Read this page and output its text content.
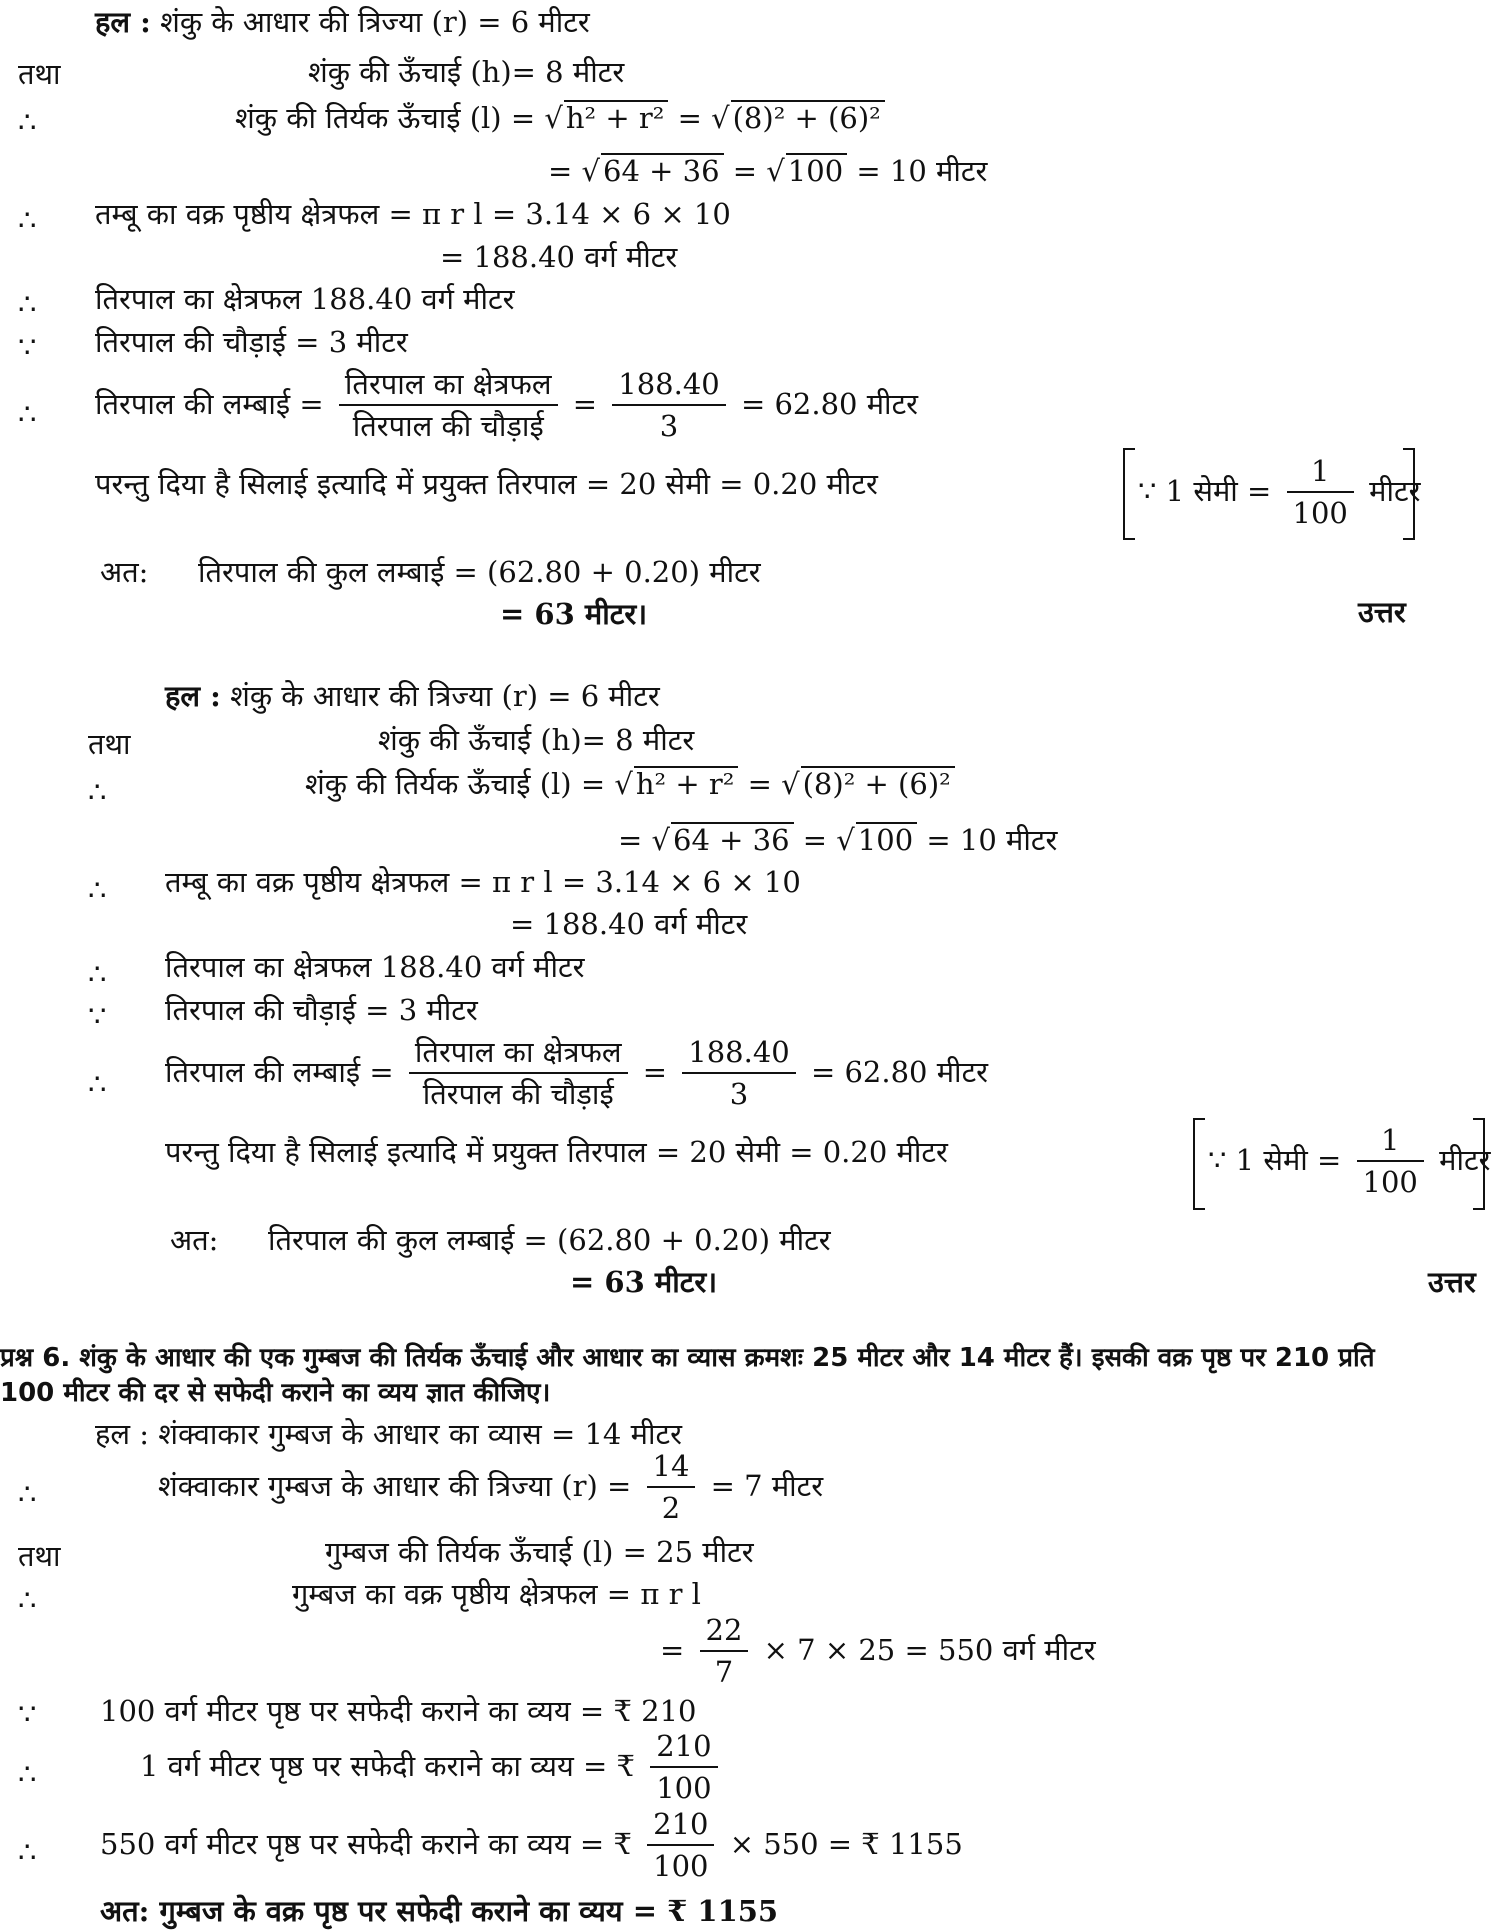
हल : शंकु के आधार की त्रिज्या (r) = 6 मीटर
तथा	शंकु की ऊँचाई (h)= 8 मीटर
∴	शंकु की तिर्यक ऊँचाई (l) = √ h² + r² = √ (8)² + (6)²
= √ 64 + 36 = √ 100 = 10 मीटर
∴ तम्बू का वक्र पृष्ठीय क्षेत्रफल = π r l = 3.14 × 6 × 10
= 188.40 वर्ग मीटर
∴ तिरपाल का क्षेत्रफल 188.40 वर्ग मीटर
∵ तिरपाल की चौड़ाई = 3 मीटर
∴ तिरपाल की लम्बाई = $\frac{\text{तिरपाल का क्षेत्रफल}}{\text{तिरपाल की चौड़ाई}} = \frac{188.40}{3} = 62.80$ मीटर
परन्तु दिया है सिलाई इत्यादि में प्रयुक्त तिरपाल = 20 सेमी = 0.20 मीटर	∵ 1 सेमी = $\frac{1}{100}$ मीटर
अत: तिरपाल की कुल लम्बाई = (62.80 + 0.20) मीटर
= 63 मीटर।	उत्तर
हल : शंकु के आधार की त्रिज्या (r) = 6 मीटर
तथा	शंकु की ऊँचाई (h)= 8 मीटर
∴	शंकु की तिर्यक ऊँचाई (l) = √ h² + r² = √ (8)² + (6)²
= √ 64 + 36 = √ 100 = 10 मीटर
∴ तम्बू का वक्र पृष्ठीय क्षेत्रफल = π r l = 3.14 × 6 × 10
= 188.40 वर्ग मीटर
∴ तिरपाल का क्षेत्रफल 188.40 वर्ग मीटर
∵ तिरपाल की चौड़ाई = 3 मीटर
∴ तिरपाल की लम्बाई = $\frac{\text{तिरपाल का क्षेत्रफल}}{\text{तिरपाल की चौड़ाई}} = \frac{188.40}{3} = 62.80$ मीटर
परन्तु दिया है सिलाई इत्यादि में प्रयुक्त तिरपाल = 20 सेमी = 0.20 मीटर	∵ 1 सेमी = $\frac{1}{100}$ मीटर
अत: तिरपाल की कुल लम्बाई = (62.80 + 0.20) मीटर
= 63 मीटर।	उत्तर
प्रश्न 6. शंकु के आधार की एक गुम्बज की तिर्यक ऊँचाई और आधार का व्यास क्रमशः 25 मीटर और 14 मीटर हैं। इसकी वक्र पृष्ठ पर 210 प्रति
100 मीटर की दर से सफेदी कराने का व्यय ज्ञात कीजिए।
हल : शंक्वाकार गुम्बज के आधार का व्यास = 14 मीटर
∴	शंक्वाकार गुम्बज के आधार की त्रिज्या $(r) = \frac{14}{2} = 7$ मीटर
तथा	गुम्बज की तिर्यक ऊँचाई (l) = 25 मीटर
∴	गुम्बज का वक्र पृष्ठीय क्षेत्रफल = π r l
= $\frac{22}{7} \times 7 \times 25 = 550$ वर्ग मीटर
∵ 100 वर्ग मीटर पृष्ठ पर सफेदी कराने का व्यय = ₹ 210
∴	1 वर्ग मीटर पृष्ठ पर सफेदी कराने का व्यय = ₹ $\frac{210}{100}$
∴ 550 वर्ग मीटर पृष्ठ पर सफेदी कराने का व्यय = ₹ $\frac{210}{100} \times 550$ = ₹ 1155
अत: गुम्बज के वक्र पृष्ठ पर सफेदी कराने का व्यय = ₹ 1155
